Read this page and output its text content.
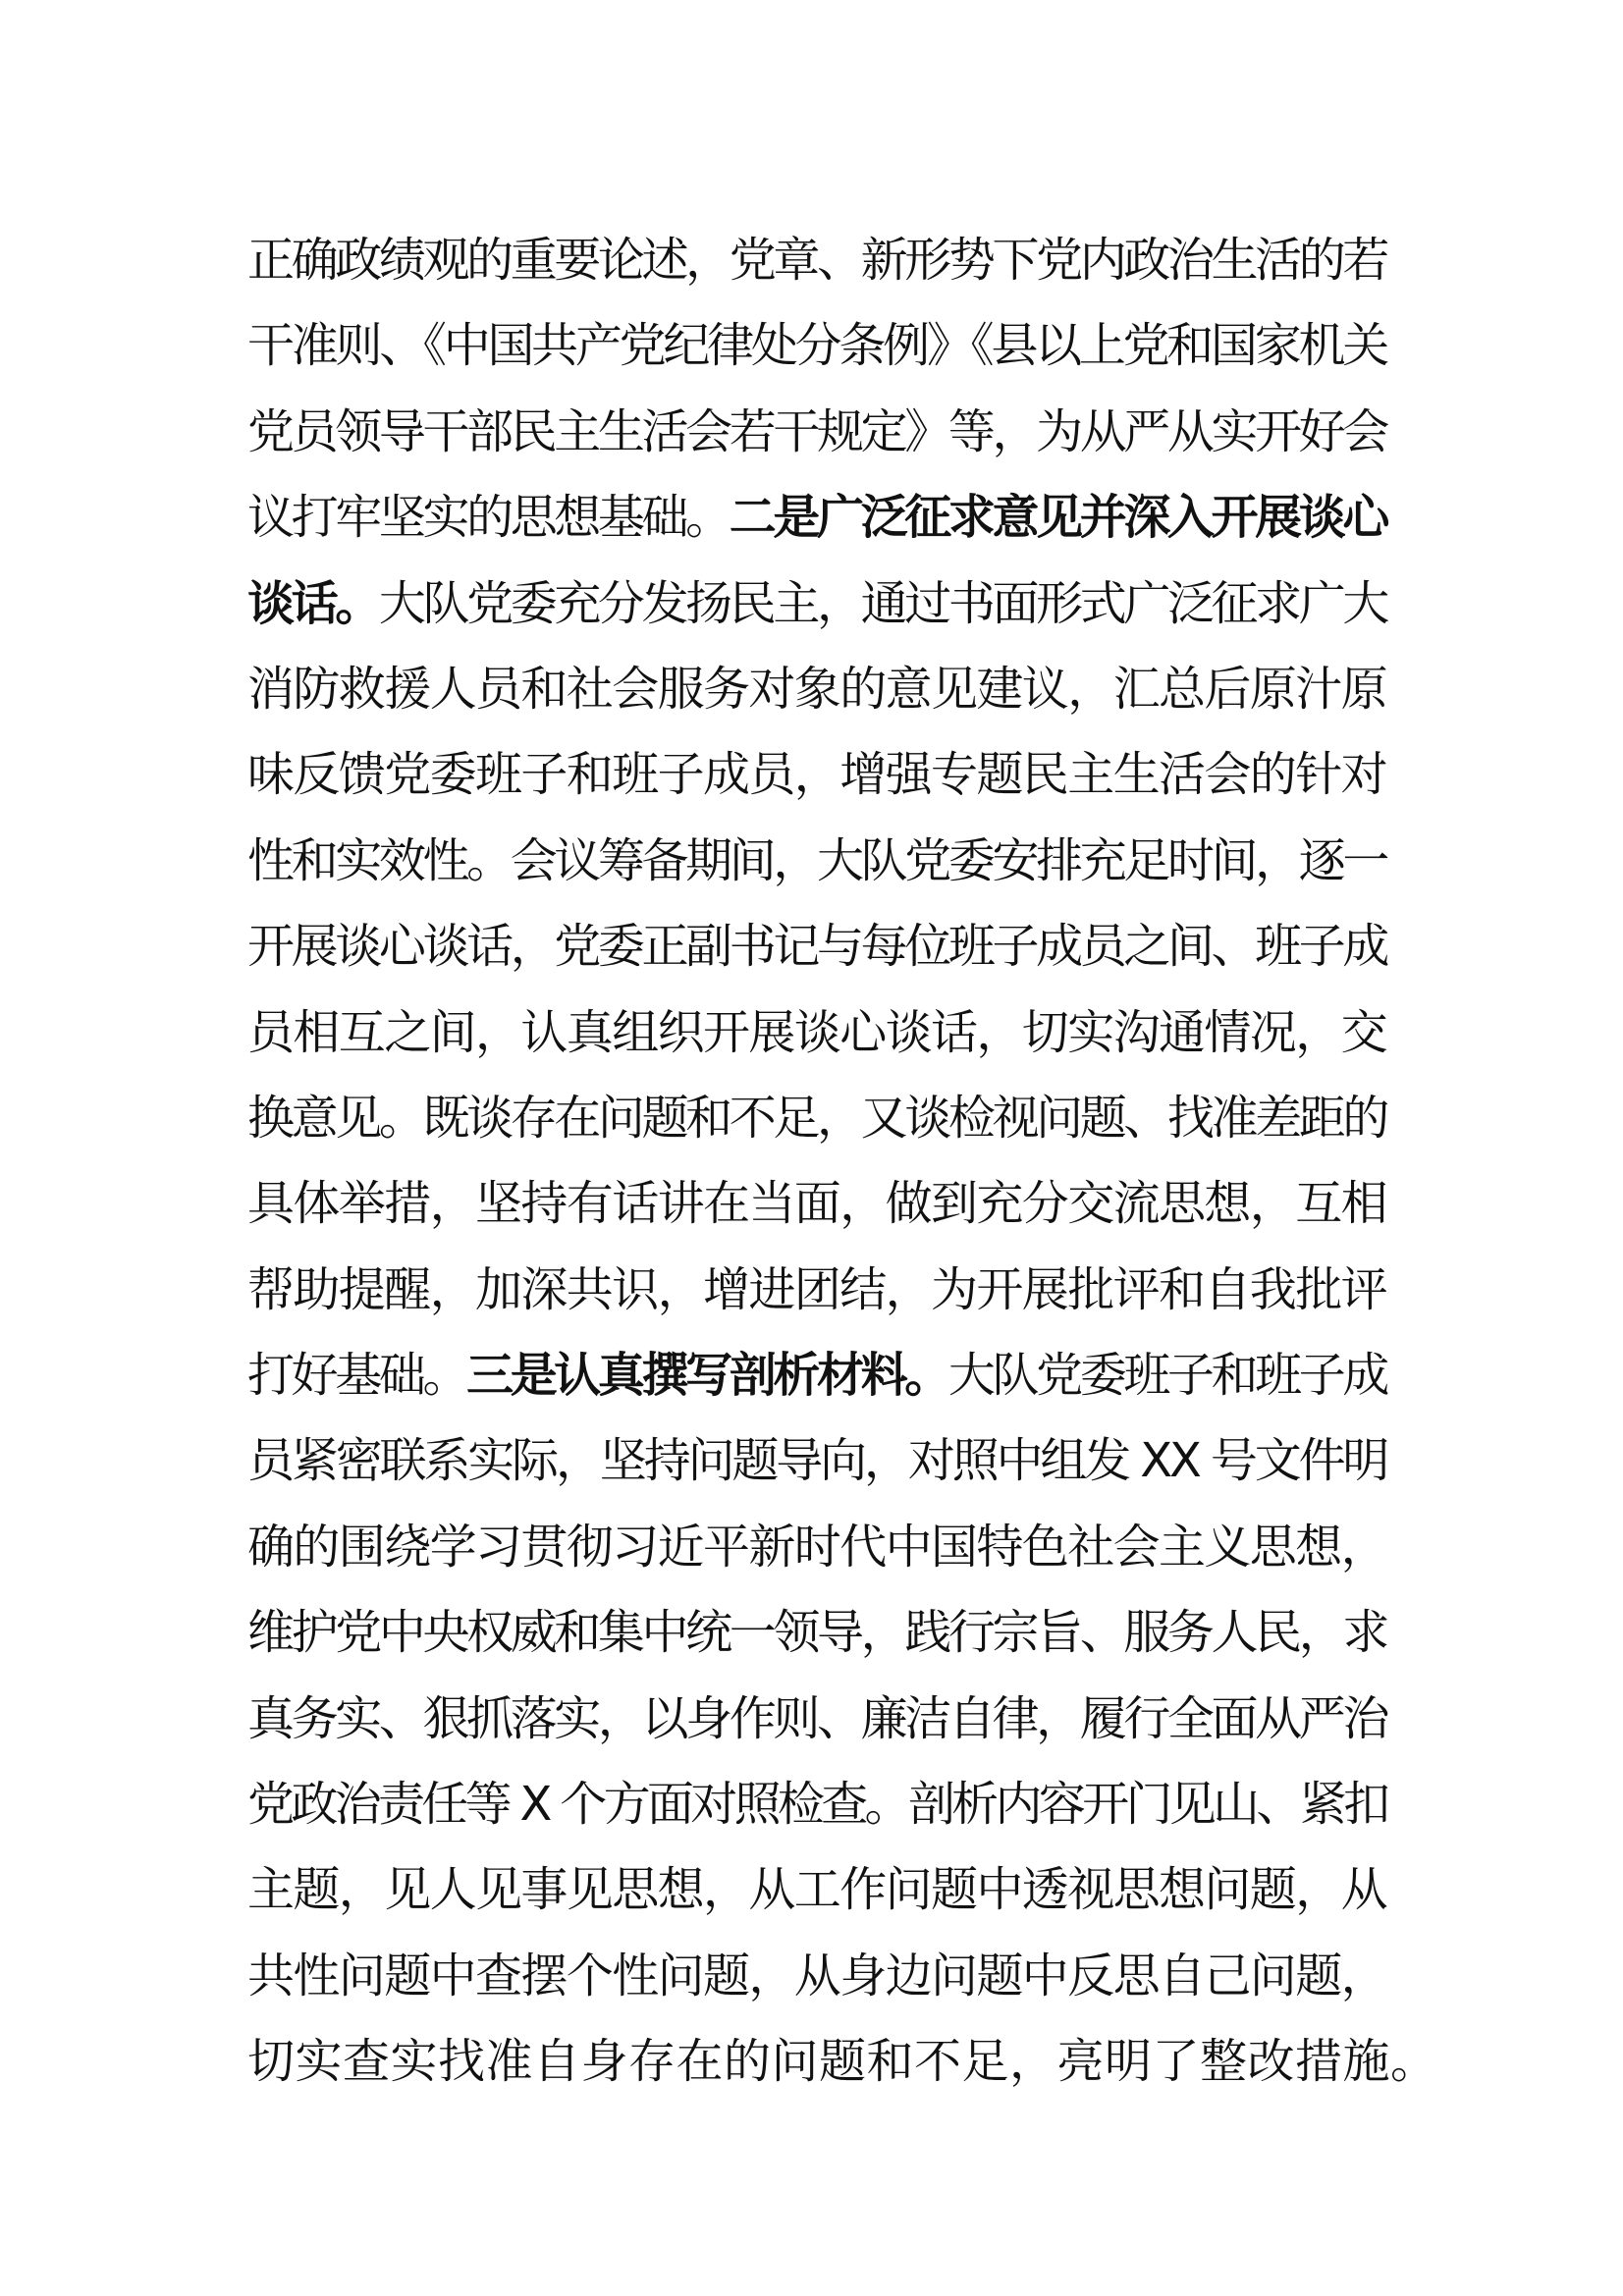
正确政绩观的重要论述，党章、新形势下党内政治生活的若
干准则、《中国共产党纪律处分条例》《县以上党和国家机关
党员领导干部民主生活会若干规定》等，为从严从实开好会
议打牢坚实的思想基础。二是广泛征求意见并深入开展谈心
谈话。大队党委充分发扬民主，通过书面形式广泛征求广大
消防救援人员和社会服务对象的意见建议，汇总后原汁原
味反馈党委班子和班子成员，增强专题民主生活会的针对
性和实效性。会议筹备期间，大队党委安排充足时间，逐一
开展谈心谈话，党委正副书记与每位班子成员之间、班子成
员相互之间，认真组织开展谈心谈话，切实沟通情况，交
换意见。既谈存在问题和不足，又谈检视问题、找准差距的
具体举措，坚持有话讲在当面，做到充分交流思想，互相
帮助提醒，加深共识，增进团结，为开展批评和自我批评
打好基础。三是认真撰写剖析材料。大队党委班子和班子成
员紧密联系实际，坚持问题导向，对照中组发 XX 号文件明
确的围绕学习贯彻习近平新时代中国特色社会主义思想，
维护党中央权威和集中统一领导，践行宗旨、服务人民，求
真务实、狠抓落实，以身作则、廉洁自律，履行全面从严治
党政治责任等 X 个方面对照检查。剖析内容开门见山、紧扣
主题，见人见事见思想，从工作问题中透视思想问题，从
共性问题中查摆个性问题，从身边问题中反思自己问题，
切实查实找准自身存在的问题和不足，亮明了整改措施。
